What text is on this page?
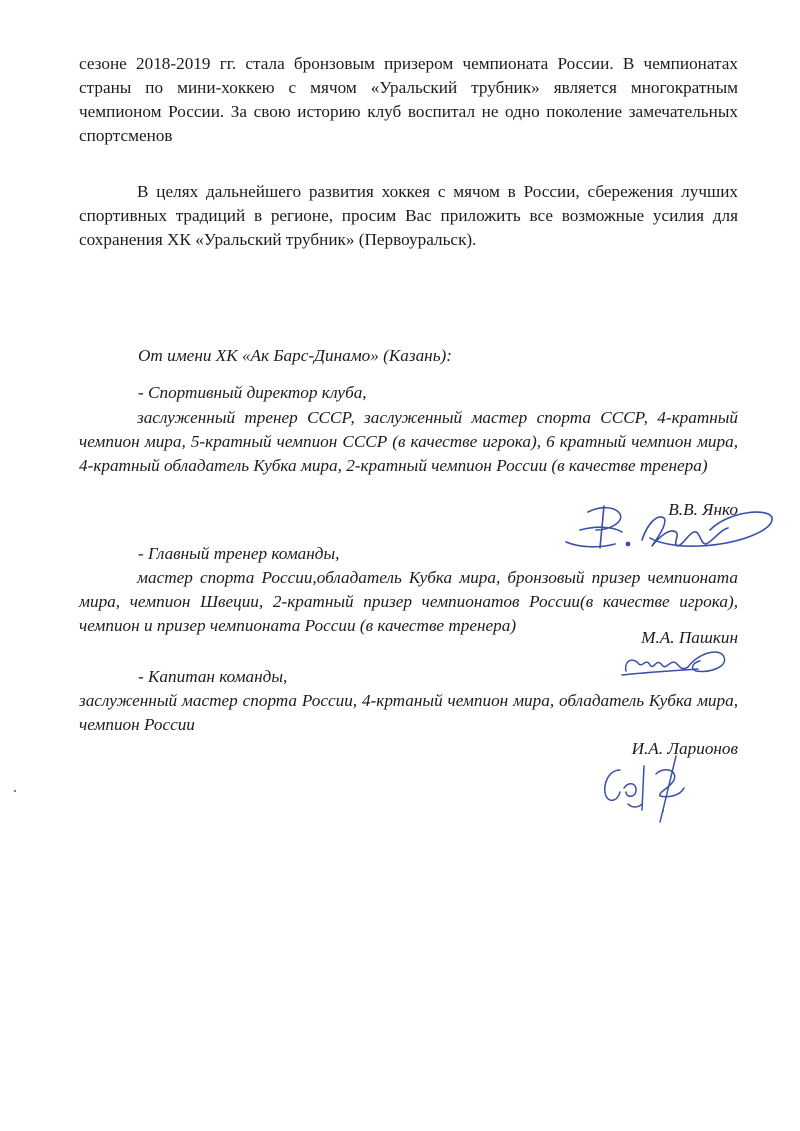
сезоне 2018-2019 гг. стала бронзовым призером чемпионата России. В чемпионатах страны по мини-хоккею с мячом «Уральский трубник» является многократным чемпионом России. За свою историю клуб воспитал не одно поколение замечательных спортсменов
В целях дальнейшего развития хоккея с мячом в России, сбережения лучших спортивных традиций в регионе, просим Вас приложить все возможные усилия для сохранения ХК «Уральский трубник» (Первоуральск).
От имени ХК «Ак Барс-Динамо» (Казань):
- Спортивный директор клуба,
заслуженный тренер СССР, заслуженный мастер спорта СССР, 4-кратный чемпион мира, 5-кратный чемпион СССР (в качестве игрока), 6 кратный чемпион мира, 4-кратный обладатель Кубка мира, 2-кратный чемпион России (в качестве тренера)
В.В. Янко
- Главный тренер команды,
мастер спорта России,обладатель Кубка мира, бронзовый призер чемпионата мира, чемпион Швеции, 2-кратный призер чемпионатов России(в качестве игрока), чемпион и призер чемпионата России (в качестве тренера)
М.А. Пашкин
- Капитан команды,
заслуженный мастер спорта России, 4-кртаный чемпион мира, обладатель Кубка мира, чемпион России
И.А. Ларионов
